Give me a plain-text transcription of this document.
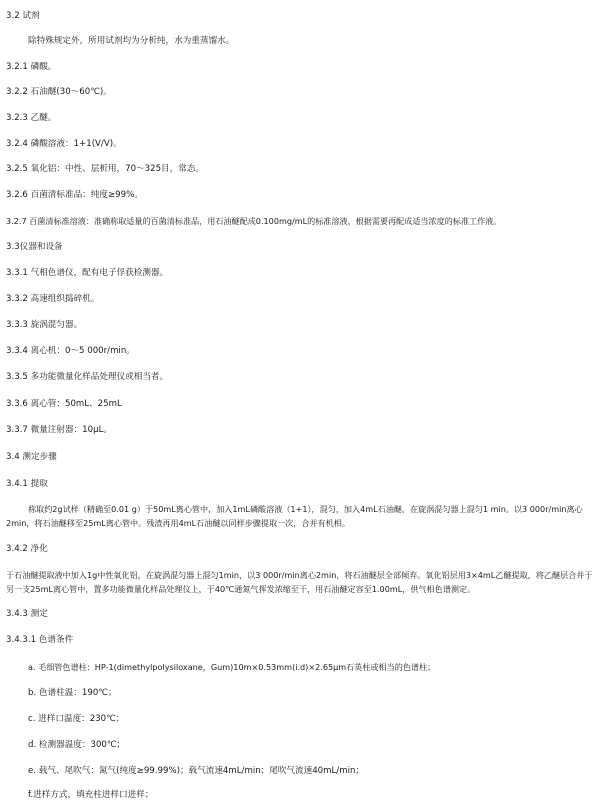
3.2 试剂
除特殊规定外，所用试剂均为分析纯，水为重蒸馏水。
3.2.1 磷酸。
3.2.2 石油醚(30～60℃)。
3.2.3 乙醚。
3.2.4 磷酸溶液：1+1(V/V)。
3.2.5 氧化铝：中性、层析用，70～325目，常态。
3.2.6 百菌清标准品：纯度≥99%。
3.2.7 百菌清标准溶液：准确称取适量的百菌清标准品，用石油醚配成0.100mg/mL的标准溶液，根据需要再配成适当浓度的标准工作液。
3.3仪器和设备
3.3.1 气相色谱仪，配有电子俘获检测器。
3.3.2 高速组织捣碎机。
3.3.3 旋涡混匀器。
3.3.4 离心机：0～5 000r/min。
3.3.5 多功能微量化样品处理仪或相当者。
3.3.6 离心管：50mL、25mL
3.3.7 微量注射器：10μL。
3.4 测定步骤
3.4.1 提取
称取约2g试样（精确至0.01 g）于50mL离心管中，加入1mL磷酸溶液（1+1），混匀，加入4mL石油醚，在旋涡混匀器上混匀1 min。以3 000r/min离心2min，将石油醚移至25mL离心管中。残渣再用4mL石油醚以同样步骤提取一次，合并有机相。
3.4.2 净化
于石油醚提取液中加入1g中性氧化铝，在旋涡混匀器上混匀1min，以3 000r/min离心2min，将石油醚层全部倾弃。氧化铝层用3×4mL乙醚提取，将乙醚层合并于另一支25mL离心管中，置多功能微量化样品处理仪上，于40℃通氮气挥发浓缩至干，用石油醚定容至1.00mL，供气相色谱测定。
3.4.3 测定
3.4.3.1 色谱条件
a. 毛细管色谱柱：HP-1(dimethylpolysiloxane，Gum)10m×0.53mm(i.d)×2.65μm石英柱或相当的色谱柱；
b. 色谱柱温：190℃；
c. 进样口温度：230℃；
d. 检测器温度：300℃；
e. 载气、尾吹气：氮气(纯度≥99.99%)；载气流速4mL/min；尾吹气流速40mL/min；
f.进样方式，填充柱进样口进样；
